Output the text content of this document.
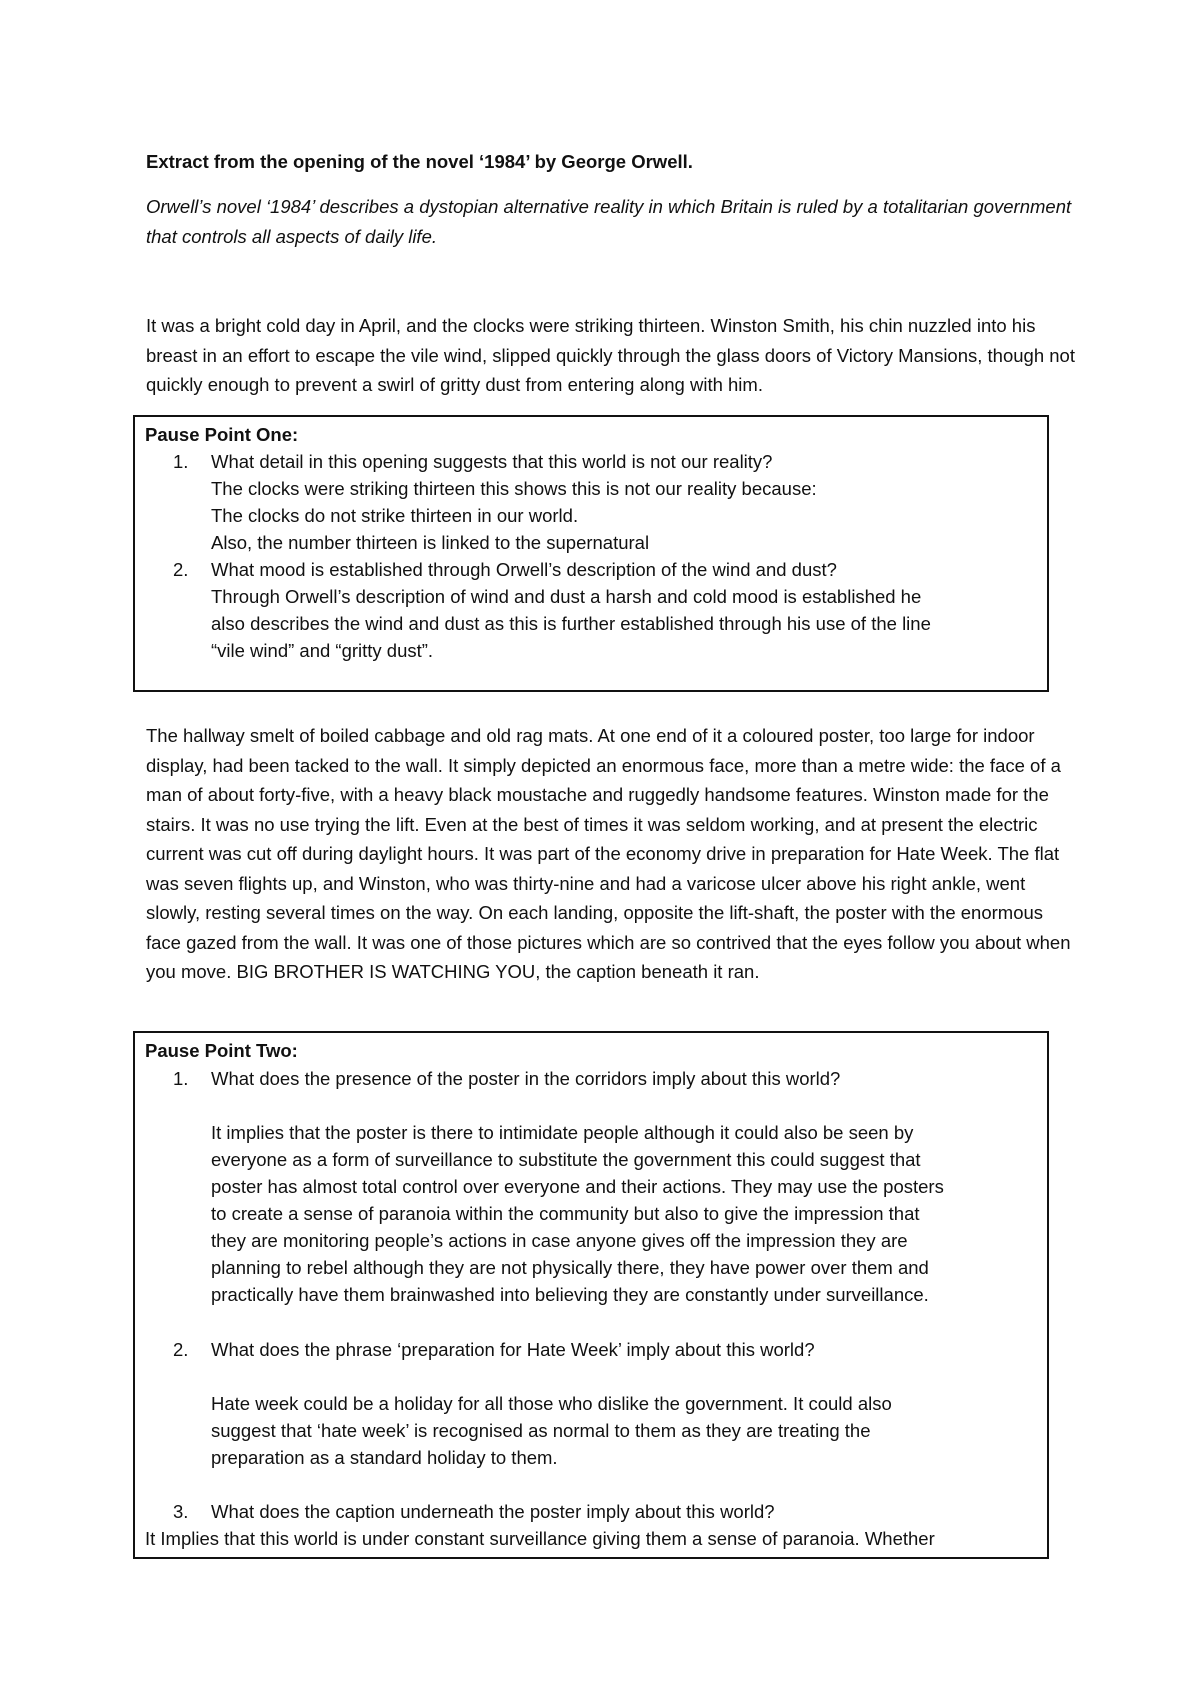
Extract from the opening of the novel ‘1984’ by George Orwell.
Orwell’s novel ‘1984’ describes a dystopian alternative reality in which Britain is ruled by a totalitarian government that controls all aspects of daily life.
It was a bright cold day in April, and the clocks were striking thirteen. Winston Smith, his chin nuzzled into his breast in an effort to escape the vile wind, slipped quickly through the glass doors of Victory Mansions, though not quickly enough to prevent a swirl of gritty dust from entering along with him.
Pause Point One:
1. What detail in this opening suggests that this world is not our reality?
The clocks were striking thirteen this shows this is not our reality because:
The clocks do not strike thirteen in our world.
Also, the number thirteen is linked to the supernatural
2. What mood is established through Orwell’s description of the wind and dust?
Through Orwell’s description of wind and dust a harsh and cold mood is established he
also describes the wind and dust as this is further established through his use of the line
“vile wind” and “gritty dust”.
The hallway smelt of boiled cabbage and old rag mats. At one end of it a coloured poster, too large for indoor display, had been tacked to the wall. It simply depicted an enormous face, more than a metre wide: the face of a man of about forty-five, with a heavy black moustache and ruggedly handsome features. Winston made for the stairs. It was no use trying the lift. Even at the best of times it was seldom working, and at present the electric current was cut off during daylight hours. It was part of the economy drive in preparation for Hate Week. The flat was seven flights up, and Winston, who was thirty-nine and had a varicose ulcer above his right ankle, went slowly, resting several times on the way. On each landing, opposite the lift-shaft, the poster with the enormous face gazed from the wall. It was one of those pictures which are so contrived that the eyes follow you about when you move. BIG BROTHER IS WATCHING YOU, the caption beneath it ran.
Pause Point Two:
1. What does the presence of the poster in the corridors imply about this world?
It implies that the poster is there to intimidate people although it could also be seen by
everyone as a form of surveillance to substitute the government this could suggest that
poster has almost total control over everyone and their actions. They may use the posters
to create a sense of paranoia within the community but also to give the impression that
they are monitoring people’s actions in case anyone gives off the impression they are
planning to rebel although they are not physically there, they have power over them and
practically have them brainwashed into believing they are constantly under surveillance.
2. What does the phrase ‘preparation for Hate Week’ imply about this world?
Hate week could be a holiday for all those who dislike the government. It could also
suggest that ‘hate week’ is recognised as normal to them as they are treating the
preparation as a standard holiday to them.
3. What does the caption underneath the poster imply about this world?
It Implies that this world is under constant surveillance giving them a sense of paranoia. Whether
